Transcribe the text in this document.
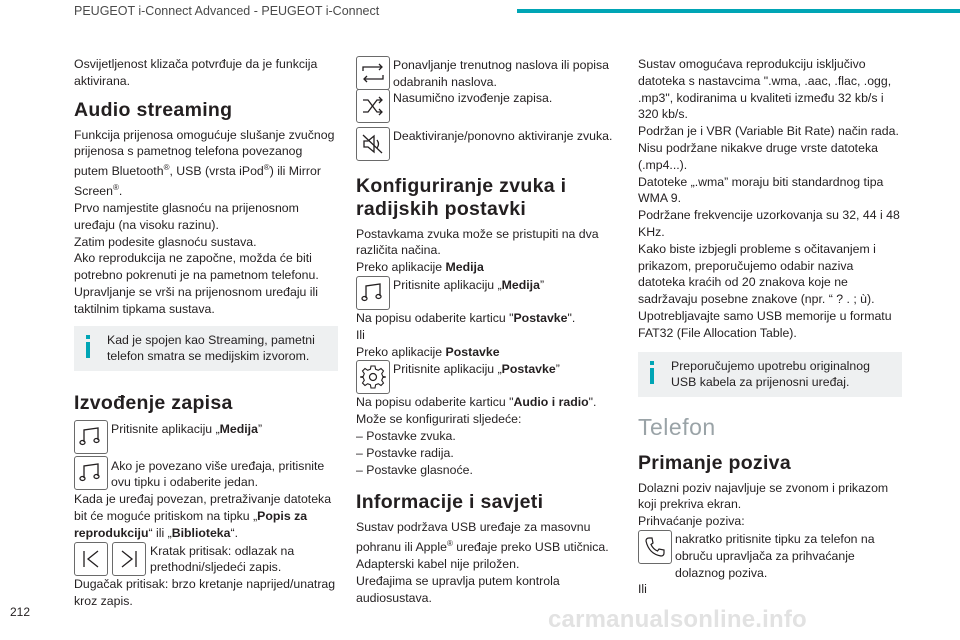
PEUGEOT i-Connect Advanced - PEUGEOT i-Connect

Osvijetljenost klizača potvrđuje da je funkcija aktivirana.

Audio streaming

Funkcija prijenosa omogućuje slušanje zvučnog prijenosa s pametnog telefona povezanog putem Bluetooth®, USB (vrsta iPod®) ili Mirror Screen®.

Prvo namjestite glasnoću na prijenosnom uređaju (na visoku razinu).

Zatim podesite glasnoću sustava.

Ako reprodukcija ne započne, možda će biti potrebno pokrenuti je na pametnom telefonu.

Upravljanje se vrši na prijenosnom uređaju ili taktilnim tipkama sustava.

Kad je spojen kao Streaming, pametni telefon smatra se medijskim izvorom.
Izvođenje zapisa
Pritisnite aplikaciju „Medija”
Ako je povezano više uređaja, pritisnite ovu tipku i odaberite jedan.

Kada je uređaj povezan, pretraživanje datoteka bit će moguće pritiskom na tipku „Popis za reprodukciju“ ili „Biblioteka“.

Kratak pritisak: odlazak na prethodni/sljedeći zapis.

Dugačak pritisak: brzo kretanje naprijed/unatrag kroz zapis.

Ponavljanje trenutnog naslova ili popisa odabranih naslova.
Nasumično izvođenje zapisa.
Deaktiviranje/ponovno aktiviranje zvuka.
Konfiguriranje zvuka i radijskih postavki

Postavkama zvuka može se pristupiti na dva različita načina.

Preko aplikacije Medija

Pritisnite aplikaciju „Medija”

Na popisu odaberite karticu "Postavke".

Ili

Preko aplikacije Postavke

Pritisnite aplikaciju „Postavke”

Na popisu odaberite karticu "Audio i radio".

Može se konfigurirati sljedeće:

– Postavke zvuka.

– Postavke radija.

– Postavke glasnoće.

Informacije i savjeti

Sustav podržava USB uređaje za masovnu pohranu ili Apple® uređaje preko USB utičnica.

Adapterski kabel nije priložen.

Uređajima se upravlja putem kontrola audiosustava.

Sustav omogućava reprodukciju isključivo datoteka s nastavcima ".wma, .aac, .flac, .ogg, .mp3", kodiranima u kvaliteti između 32 kb/s i 320 kb/s.

Podržan je i VBR (Variable Bit Rate) način rada.

Nisu podržane nikakve druge vrste datoteka (.mp4...).

Datoteke „.wma” moraju biti standardnog tipa WMA 9.

Podržane frekvencije uzorkovanja su 32, 44 i 48 KHz.

Kako biste izbjegli probleme s očitavanjem i prikazom, preporučujemo odabir naziva datoteka kraćih od 20 znakova koje ne sadržavaju posebne znakove (npr. “ ? . ; ù).

Upotrebljavajte samo USB memorije u formatu FAT32 (File Allocation Table).

Preporučujemo upotrebu originalnog USB kabela za prijenosni uređaj.
Telefon
Primanje poziva

Dolazni poziv najavljuje se zvonom i prikazom koji prekriva ekran.

Prihvaćanje poziva:

nakratko pritisnite tipku za telefon na obruču upravljača za prihvaćanje dolaznog poziva.

Ili

212	carmanualsonline.info
